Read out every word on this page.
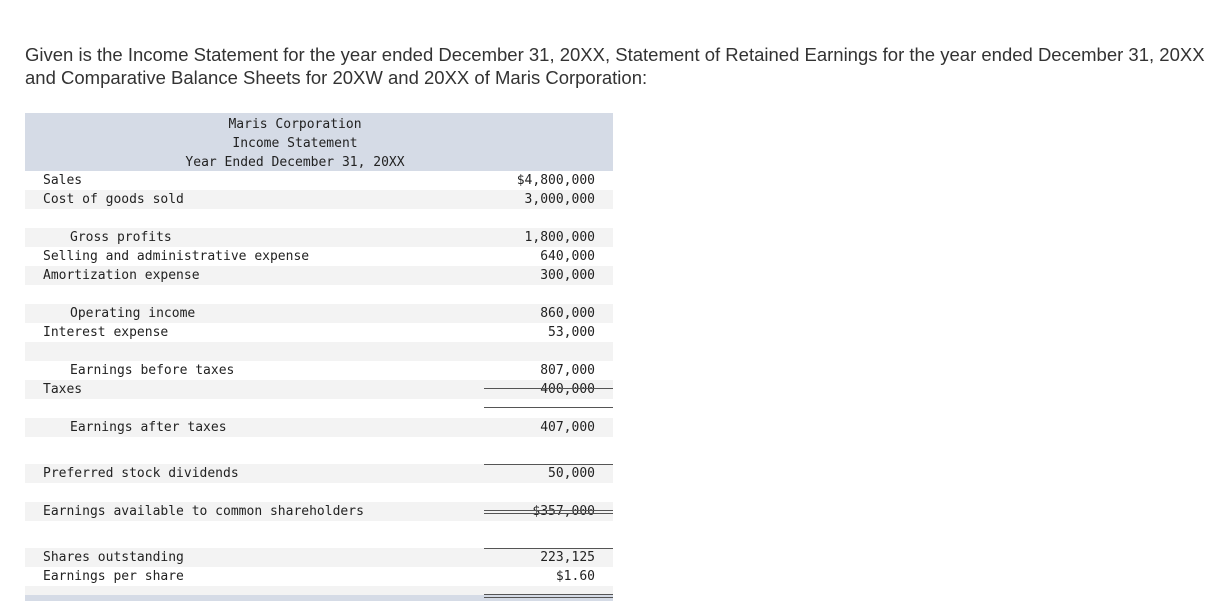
Given is the Income Statement for the year ended December 31, 20XX, Statement of Retained Earnings for the year ended December 31, 20XX and Comparative Balance Sheets for 20XW and 20XX of Maris Corporation:
Maris Corporation
Income Statement
Year Ended December 31, 20XX
Sales	$4,800,000
Cost of goods sold	3,000,000
Gross profits	1,800,000
Selling and administrative expense	640,000
Amortization expense	300,000
Operating income	860,000
Interest expense	53,000
Earnings before taxes	807,000
Taxes	400,000
Earnings after taxes	407,000
Preferred stock dividends	50,000
Earnings available to common shareholders	$357,000
Shares outstanding	223,125
Earnings per share	$1.60
